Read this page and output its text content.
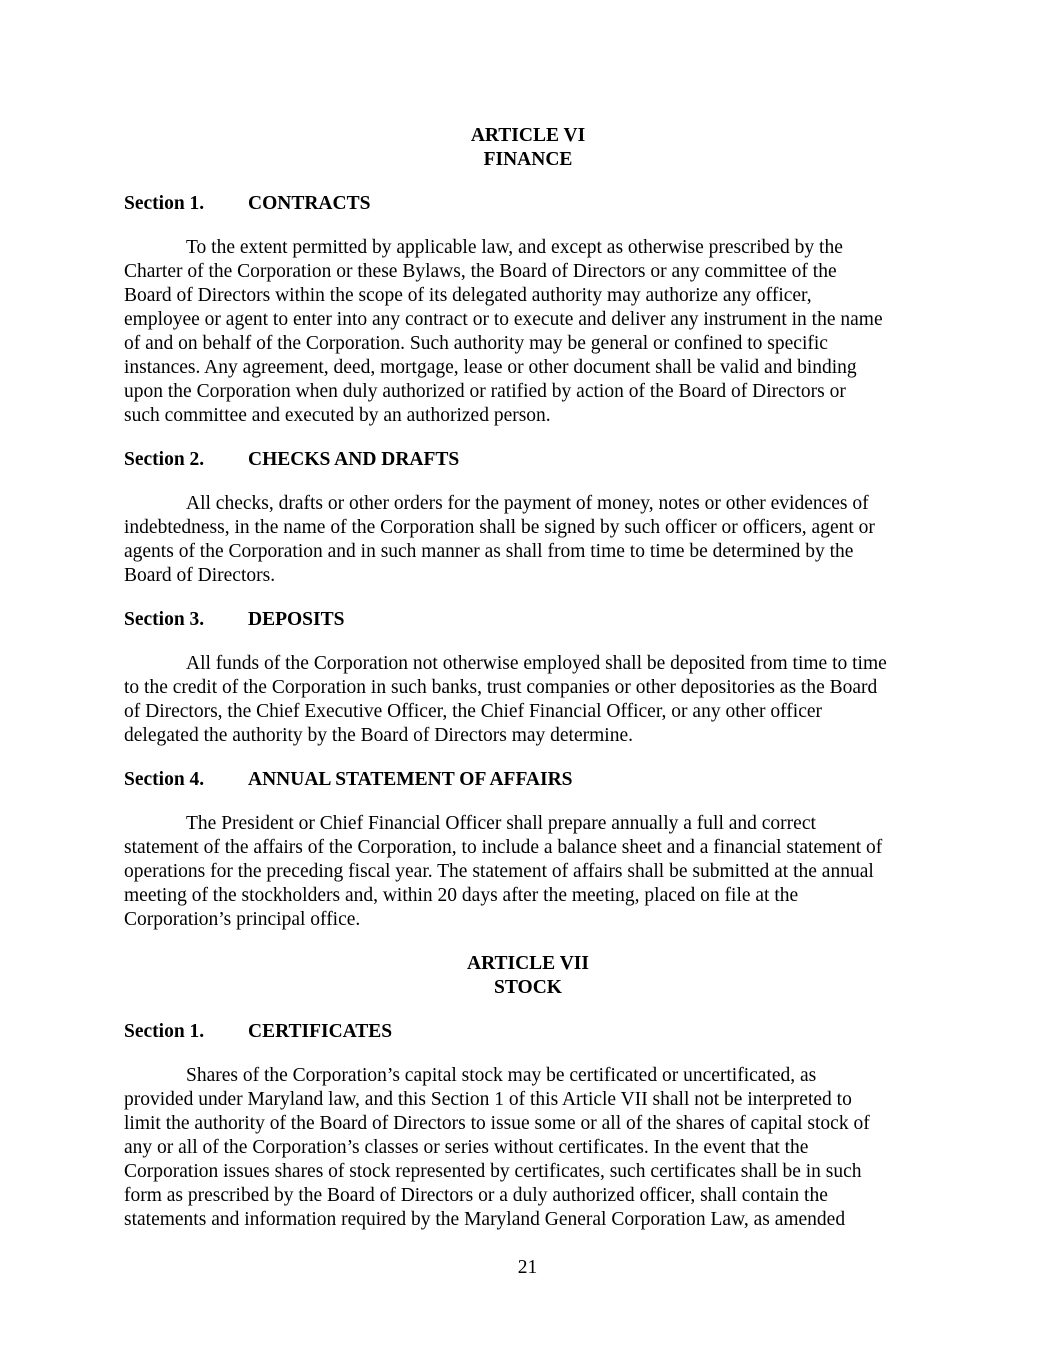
ARTICLE VI
FINANCE
Section 1. CONTRACTS
To the extent permitted by applicable law, and except as otherwise prescribed by the
Charter of the Corporation or these Bylaws, the Board of Directors or any committee of the
Board of Directors within the scope of its delegated authority may authorize any officer,
employee or agent to enter into any contract or to execute and deliver any instrument in the name
of and on behalf of the Corporation. Such authority may be general or confined to specific
instances. Any agreement, deed, mortgage, lease or other document shall be valid and binding
upon the Corporation when duly authorized or ratified by action of the Board of Directors or
such committee and executed by an authorized person.
Section 2. CHECKS AND DRAFTS
All checks, drafts or other orders for the payment of money, notes or other evidences of
indebtedness, in the name of the Corporation shall be signed by such officer or officers, agent or
agents of the Corporation and in such manner as shall from time to time be determined by the
Board of Directors.
Section 3. DEPOSITS
All funds of the Corporation not otherwise employed shall be deposited from time to time
to the credit of the Corporation in such banks, trust companies or other depositories as the Board
of Directors, the Chief Executive Officer, the Chief Financial Officer, or any other officer
delegated the authority by the Board of Directors may determine.
Section 4. ANNUAL STATEMENT OF AFFAIRS
The President or Chief Financial Officer shall prepare annually a full and correct
statement of the affairs of the Corporation, to include a balance sheet and a financial statement of
operations for the preceding fiscal year. The statement of affairs shall be submitted at the annual
meeting of the stockholders and, within 20 days after the meeting, placed on file at the
Corporation’s principal office.
ARTICLE VII
STOCK
Section 1. CERTIFICATES
Shares of the Corporation’s capital stock may be certificated or uncertificated, as
provided under Maryland law, and this Section 1 of this Article VII shall not be interpreted to
limit the authority of the Board of Directors to issue some or all of the shares of capital stock of
any or all of the Corporation’s classes or series without certificates. In the event that the
Corporation issues shares of stock represented by certificates, such certificates shall be in such
form as prescribed by the Board of Directors or a duly authorized officer, shall contain the
statements and information required by the Maryland General Corporation Law, as amended
21
